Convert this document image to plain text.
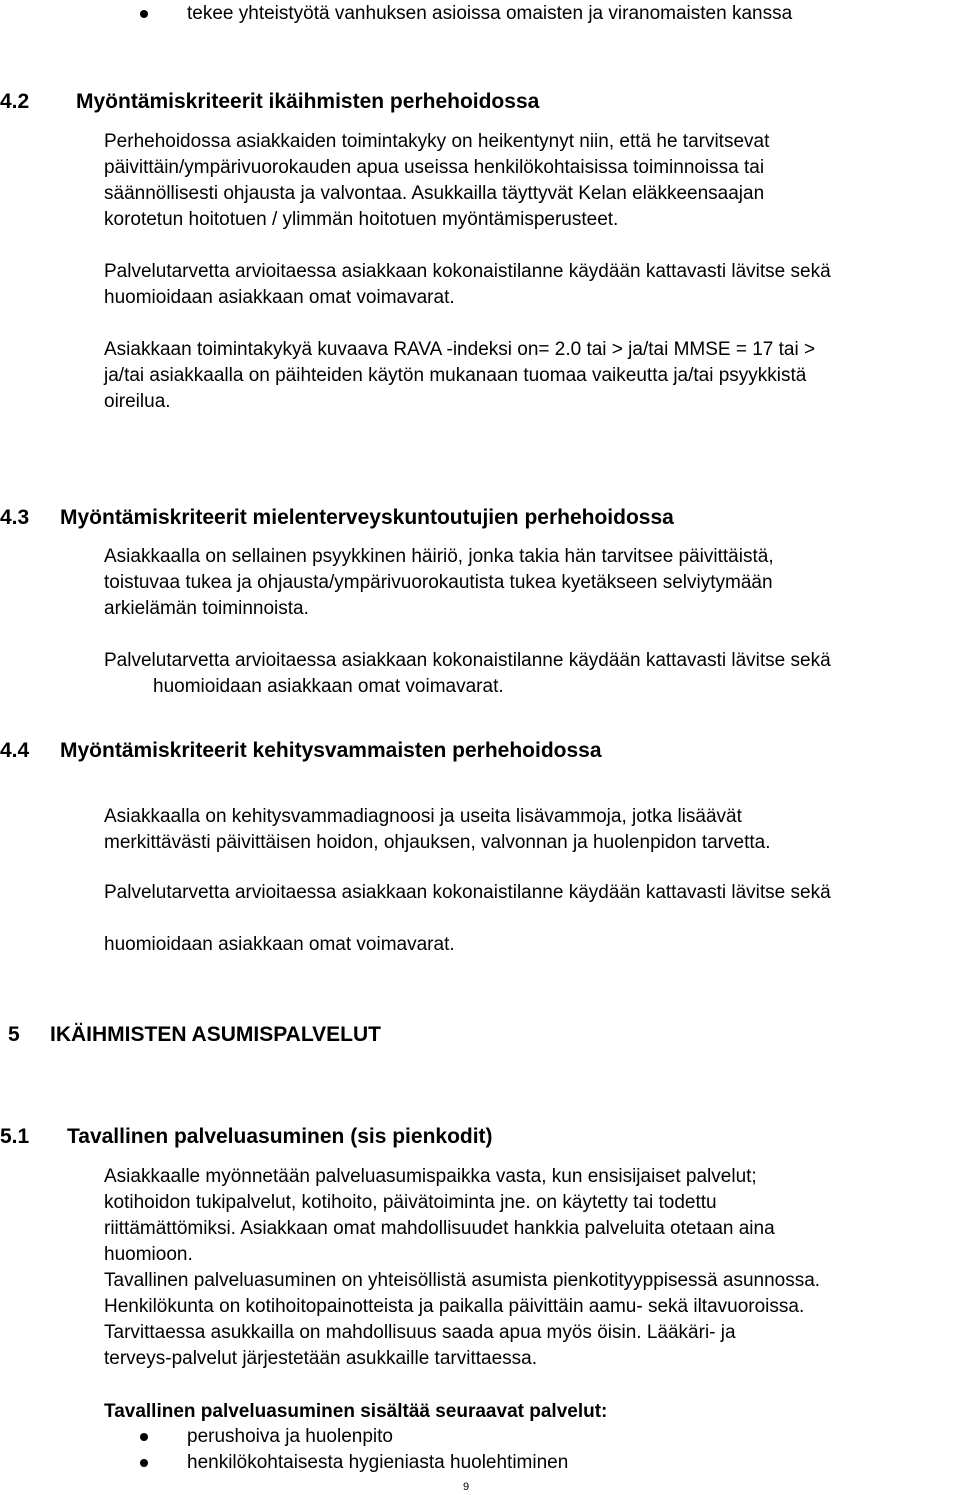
tekee yhteistyötä vanhuksen asioissa omaisten ja viranomaisten kanssa
4.2 Myöntämiskriteerit ikäihmisten perhehoidossa
Perhehoidossa asiakkaiden toimintakyky on heikentynyt niin, että he tarvitsevat
päivittäin/ympärivuorokauden apua useissa henkilökohtaisissa toiminnoissa tai
säännöllisesti ohjausta ja valvontaa. Asukkailla täyttyvät Kelan eläkkeensaajan
korotetun hoitotuen / ylimmän hoitotuen myöntämisperusteet.
Palvelutarvetta arvioitaessa asiakkaan kokonaistilanne käydään kattavasti lävitse sekä
huomioidaan asiakkaan omat voimavarat.
Asiakkaan toimintakykyä kuvaava RAVA -indeksi on= 2.0 tai > ja/tai MMSE = 17 tai >
ja/tai asiakkaalla on päihteiden käytön mukanaan tuomaa vaikeutta ja/tai psyykkistä
oireilua.
4.3 Myöntämiskriteerit mielenterveyskuntoutujien perhehoidossa
Asiakkaalla on sellainen psyykkinen häiriö, jonka takia hän tarvitsee päivittäistä,
toistuvaa tukea ja ohjausta/ympärivuorokautista tukea kyetäkseen selviytymään
arkielämän toiminnoista.
Palvelutarvetta arvioitaessa asiakkaan kokonaistilanne käydään kattavasti lävitse sekä
huomioidaan asiakkaan omat voimavarat.
4.4 Myöntämiskriteerit kehitysvammaisten perhehoidossa
Asiakkaalla on kehitysvammadiagnoosi ja useita lisävammoja, jotka lisäävät
merkittävästi päivittäisen hoidon, ohjauksen, valvonnan ja huolenpidon tarvetta.
Palvelutarvetta arvioitaessa asiakkaan kokonaistilanne käydään kattavasti lävitse sekä
huomioidaan asiakkaan omat voimavarat.
5 IKÄIHMISTEN ASUMISPALVELUT
5.1 Tavallinen palveluasuminen (sis pienkodit)
Asiakkaalle myönnetään palveluasumispaikka vasta, kun ensisijaiset palvelut;
kotihoidon tukipalvelut, kotihoito, päivätoiminta jne. on käytetty tai todettu
riittämättömiksi. Asiakkaan omat mahdollisuudet hankkia palveluita otetaan aina
huomioon.
Tavallinen palveluasuminen on yhteisöllistä asumista pienkotityyppisessä asunnossa.
Henkilökunta on kotihoitopainotteista ja paikalla päivittäin aamu- sekä iltavuoroissa.
Tarvittaessa asukkailla on mahdollisuus saada apua myös öisin. Lääkäri- ja
terveys-palvelut järjestetään asukkaille tarvittaessa.
Tavallinen palveluasuminen sisältää seuraavat palvelut:
perushoiva ja huolenpito
henkilökohtaisesta hygieniasta huolehtiminen
9
